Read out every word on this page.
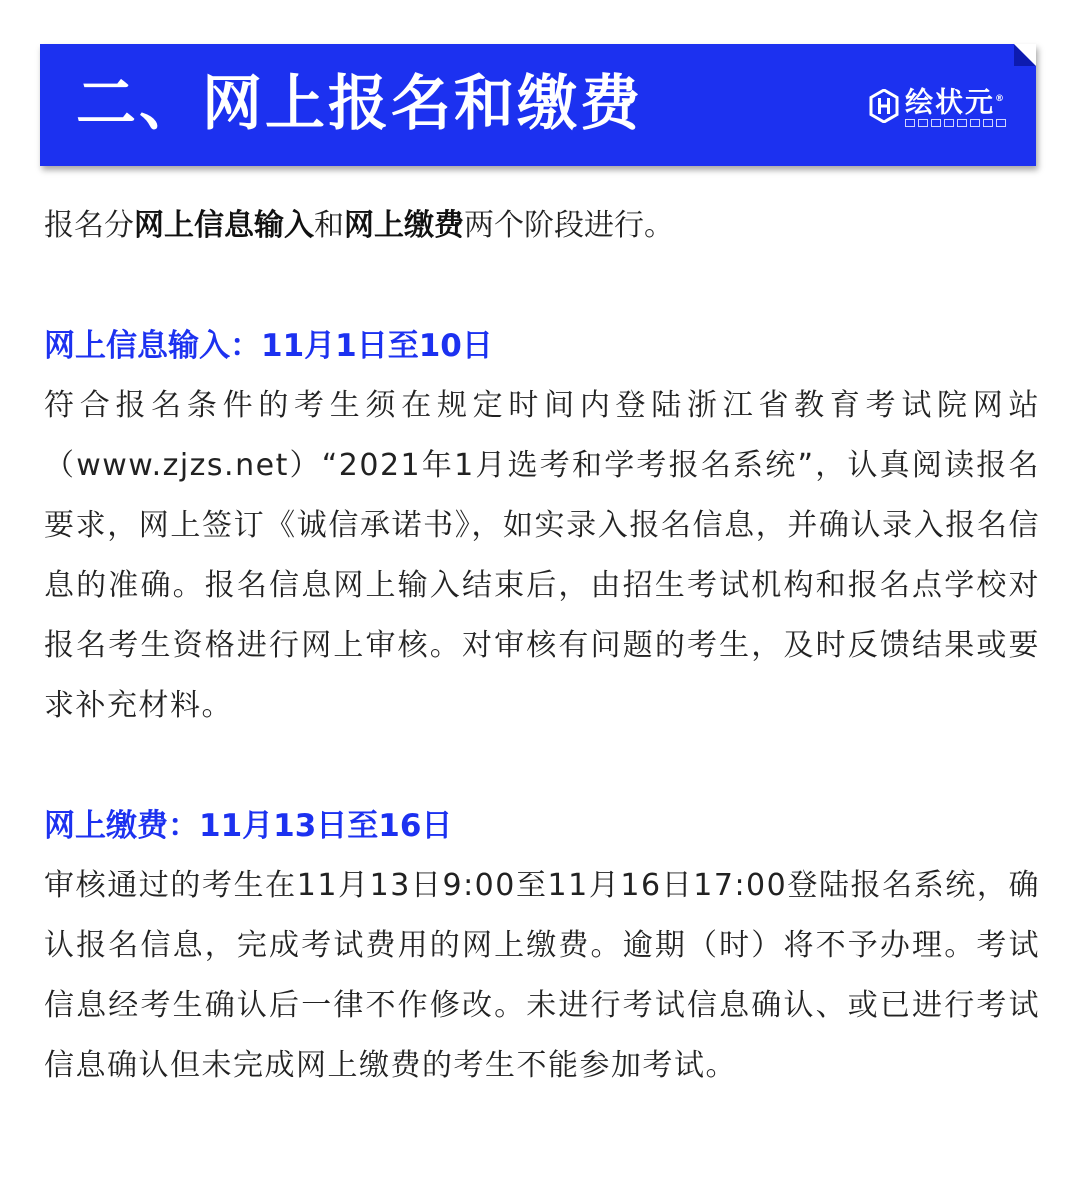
二、网上报名和缴费	绘状元®

报名分网上信息输入和网上缴费两个阶段进行。

网上信息输入：11月1日至10日

符合报名条件的考生须在规定时间内登陆浙江省教育考试院网站（www.zjzs.net）“2021年1月选考和学考报名系统”，认真阅读报名要求，网上签订《诚信承诺书》，如实录入报名信息，并确认录入报名信息的准确。报名信息网上输入结束后，由招生考试机构和报名点学校对报名考生资格进行网上审核。对审核有问题的考生，及时反馈结果或要求补充材料。

网上缴费：11月13日至16日

审核通过的考生在11月13日9:00至11月16日17:00登陆报名系统，确认报名信息，完成考试费用的网上缴费。逾期（时）将不予办理。考试信息经考生确认后一律不作修改。未进行考试信息确认、或已进行考试信息确认但未完成网上缴费的考生不能参加考试。
